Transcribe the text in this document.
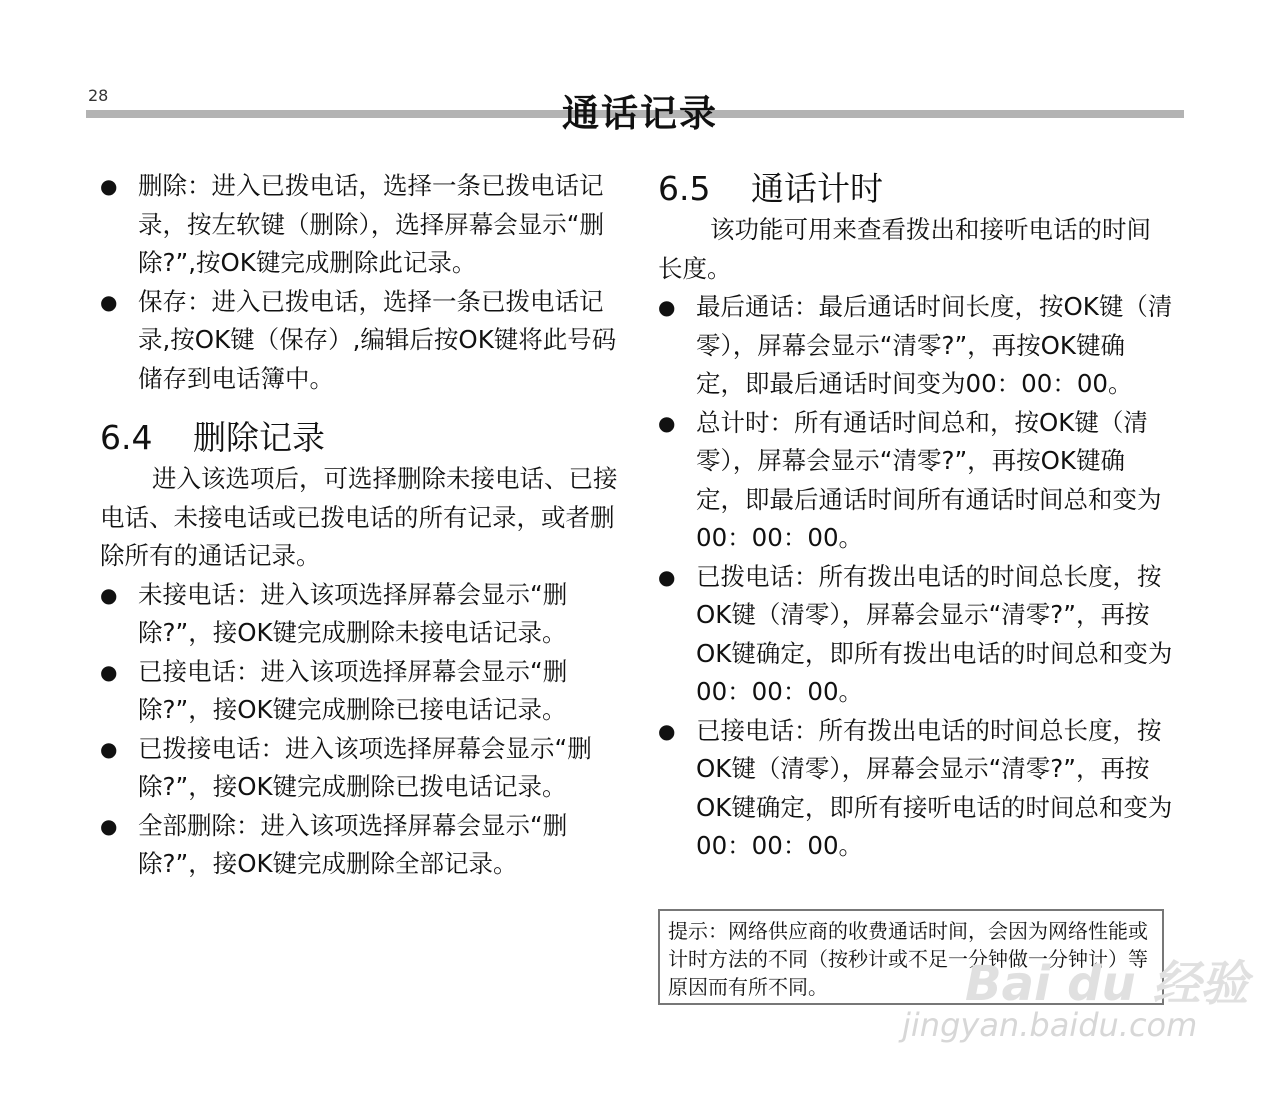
28	通话记录
● 删除：进入已拨电话，选择一条已拨电话记录，按左软键（删除），选择屏幕会显示“删除?”,按OK键完成删除此记录。
● 保存：进入已拨电话，选择一条已拨电话记录,按OK键（保存）,编辑后按OK键将此号码储存到电话簿中。

6.4 删除记录

进入该选项后，可选择删除未接电话、已接电话、未接电话或已拨电话的所有记录，或者删除所有的通话记录。

● 未接电话：进入该项选择屏幕会显示“删除?”，接OK键完成删除未接电话记录。
● 已接电话：进入该项选择屏幕会显示“删除?”，接OK键完成删除已接电话记录。
● 已拨接电话：进入该项选择屏幕会显示“删除?”，接OK键完成删除已拨电话记录。
● 全部删除：进入该项选择屏幕会显示“删除?”，接OK键完成删除全部记录。

6.5 通话计时

该功能可用来查看拨出和接听电话的时间长度。

● 最后通话：最后通话时间长度，按OK键（清零），屏幕会显示“清零?”，再按OK键确定，即最后通话时间变为00：00：00。
● 总计时：所有通话时间总和，按OK键（清零），屏幕会显示“清零?”，再按OK键确定，即最后通话时间所有通话时间总和变为00：00：00。
● 已拨电话：所有拨出电话的时间总长度，按OK键（清零），屏幕会显示“清零?”，再按OK键确定，即所有拨出电话的时间总和变为00：00：00。
● 已接电话：所有拨出电话的时间总长度，按OK键（清零），屏幕会显示“清零?”，再按OK键确定，即所有接听电话的时间总和变为00：00：00。
提示：网络供应商的收费通话时间，会因为网络性能或计时方法的不同（按秒计或不足一分钟做一分钟计）等原因而有所不同。	Bai du 经验
jingyan.baidu.com
